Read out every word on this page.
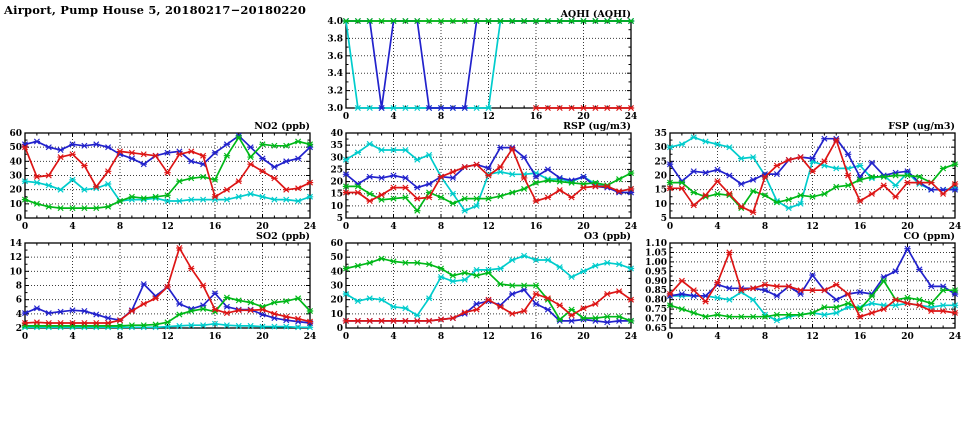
Airport, Pump House 5, 20180217−20180220
3.0
3.2
3.4
3.6
3.8
4.0
0	4	8	12	16	20	24
AQHI (AQHI)
0
10
20
30
40
50
60
0	4	8	12	16	20	24
NO2 (ppb)
5
10
15
20
25
30
35
40
0	4	8	12	16	20	24
RSP (ug/m3)
5
10
15
20
25
30
35
0	4	8	12	16	20	24
FSP (ug/m3)
2
4
6
8
10
12
14
0	4	8	12	16	20	24
SO2 (ppb)
0
10
20
30
40
50
60
0	4	8	12	16	20	24
O3 (ppb)
0.65
0.70
0.75
0.80
0.85
0.90
0.95
1.00
1.05
1.10
0	4	8	12	16	20	24
CO (ppm)
